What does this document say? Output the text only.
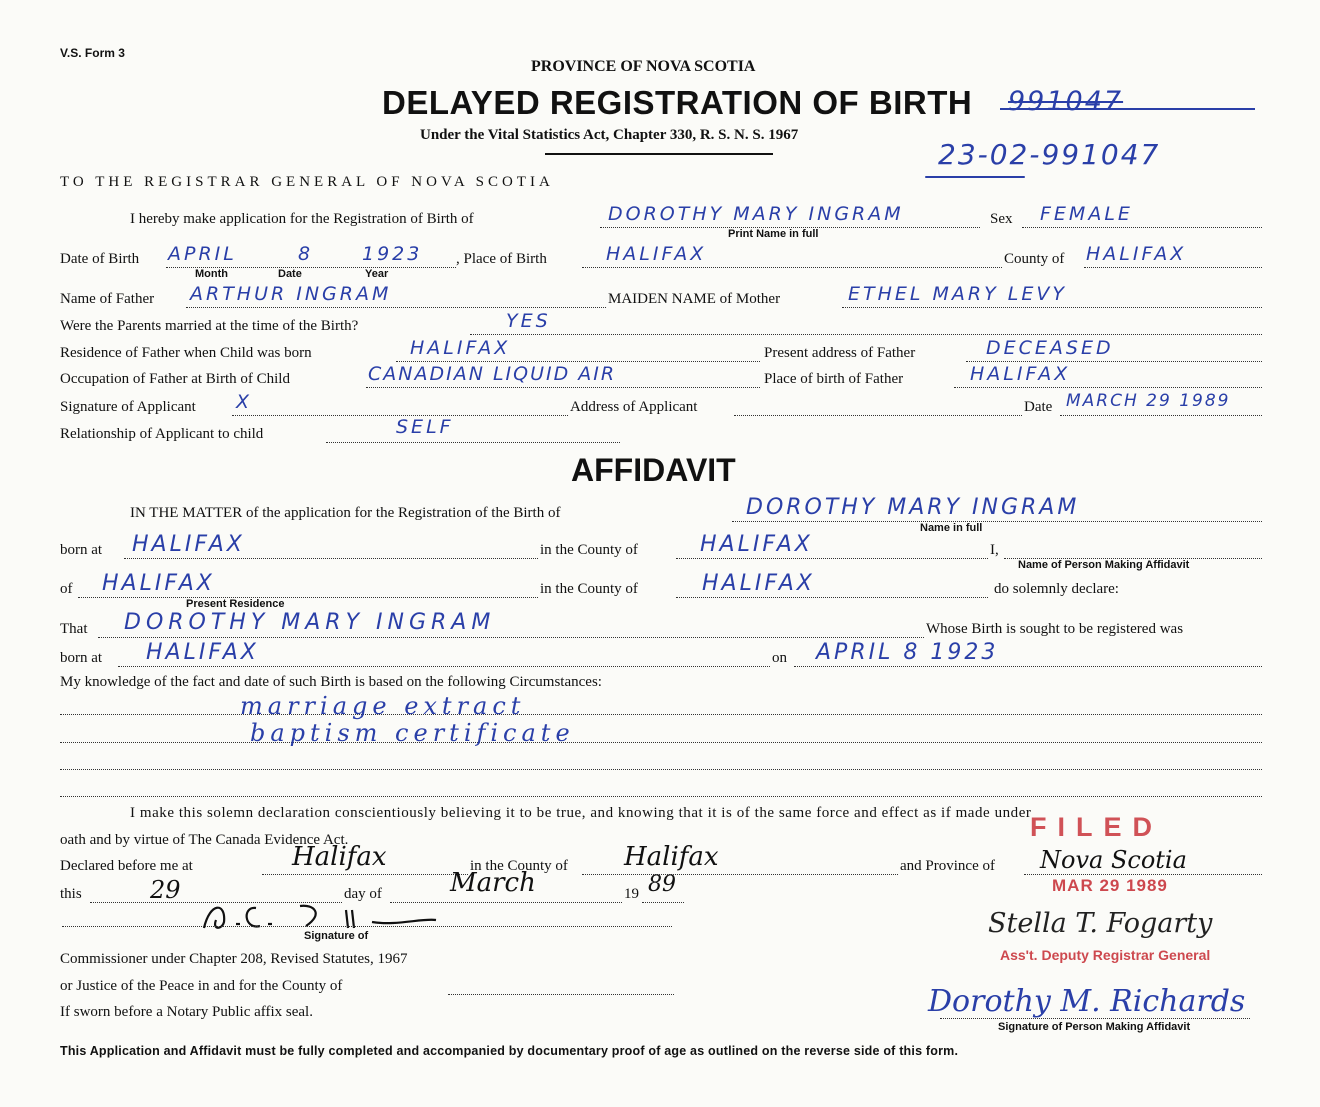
V.S. Form 3
PROVINCE OF NOVA SCOTIA
DELAYED REGISTRATION OF BIRTH 991047
Under the Vital Statistics Act, Chapter 330, R. S. N. S. 1967
23-02-991047
TO THE REGISTRAR GENERAL OF NOVA SCOTIA
I hereby make application for the Registration of Birth of	DOROTHY MARY INGRAM
Print Name in full
Sex FEMALE
Date of Birth APRIL	8	1923
Month	Date	Year
, Place of Birth	HALIFAX	County of HALIFAX
Name of Father ARTHUR INGRAM	MAIDEN NAME of Mother	ETHEL MARY LEVY
Were the Parents married at the time of the Birth?	YES
Residence of Father when Child was born	HALIFAX	Present address of Father	DECEASED
Occupation of Father at Birth of Child	CANADIAN LIQUID AIR	Place of birth of Father	HALIFAX
Signature of Applicant X	Address of Applicant	Date MARCH 29 1989
Relationship of Applicant to child	SELF
AFFIDAVIT
IN THE MATTER of the application for the Registration of the Birth of	DOROTHY MARY INGRAM
Name in full
born at HALIFAX	in the County of	HALIFAX	I,
Name of Person Making Affidavit
of HALIFAX
Present Residence
in the County of	HALIFAX	do solemnly declare:
That DOROTHY MARY INGRAM	Whose Birth is sought to be registered was
born at HALIFAX	on APRIL 8 1923
My knowledge of the fact and date of such Birth is based on the following Circumstances:
marriage extract
baptism certificate
I make this solemn declaration conscientiously believing it to be true, and knowing that it is of the same force and effect as if made under
oath and by virtue of The Canada Evidence Act.
Declared before me at	Halifax	in the County of Halifax	and Province of Nova Scotia
this	29	day of	March	19 89
Signature of
Commissioner under Chapter 208, Revised Statutes, 1967
or Justice of the Peace in and for the County of
If sworn before a Notary Public affix seal.
FILED
MAR 29 1989
Stella T. Fogarty
Ass't. Deputy Registrar General
Dorothy M. Richards
Signature of Person Making Affidavit
This Application and Affidavit must be fully completed and accompanied by documentary proof of age as outlined on the reverse side of this form.
